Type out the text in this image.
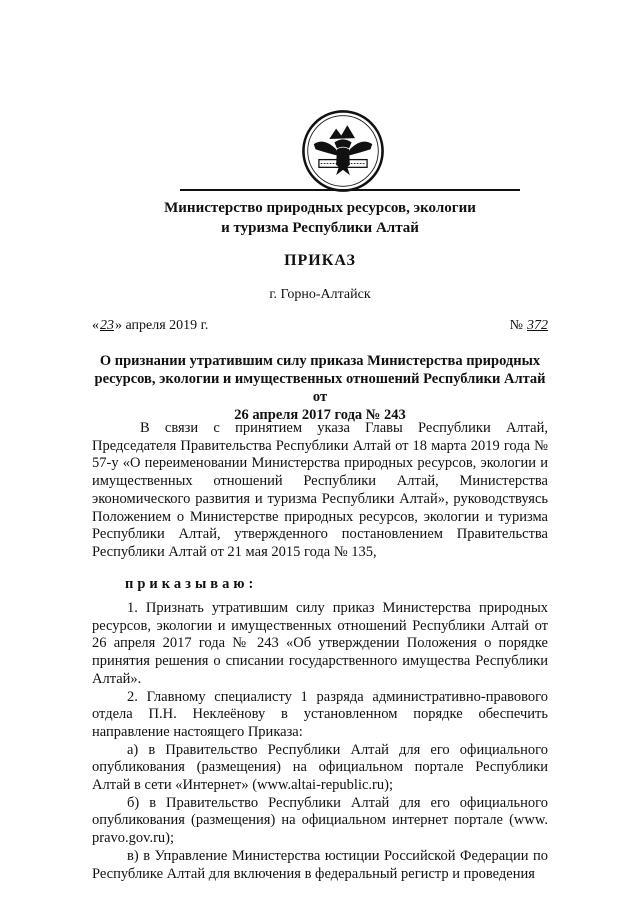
Министерство природных ресурсов, экологии
и туризма Республики Алтай
ПРИКАЗ
г. Горно-Алтайск
«23» апреля 2019 г.	№ 372
О признании утратившим силу приказа Министерства природных
ресурсов, экологии и имущественных отношений Республики Алтай от
26 апреля 2017 года № 243
В связи с принятием указа Главы Республики Алтай, Председателя Правительства Республики Алтай от 18 марта 2019 года № 57-у «О переименовании Министерства природных ресурсов, экологии и имущественных отношений Республики Алтай, Министерства экономического развития и туризма Республики Алтай», руководствуясь Положением о Министерстве природных ресурсов, экологии и туризма Республики Алтай, утвержденного постановлением Правительства Республики Алтай от 21 мая 2015 года № 135,
приказываю:

1. Признать утратившим силу приказ Министерства природных ресурсов, экологии и имущественных отношений Республики Алтай от 26 апреля 2017 года № 243 «Об утверждении Положения о порядке принятия решения о списании государственного имущества Республики Алтай».

2. Главному специалисту 1 разряда административно-правового отдела П.Н. Неклеёнову в установленном порядке обеспечить направление настоящего Приказа:

а) в Правительство Республики Алтай для его официального опубликования (размещения) на официальном портале Республики Алтай в сети «Интернет» (www.altai-republic.ru);

б) в Правительство Республики Алтай для его официального опубликования (размещения) на официальном интернет портале (www. pravo.gov.ru);

в) в Управление Министерства юстиции Российской Федерации по Республике Алтай для включения в федеральный регистр и проведения
